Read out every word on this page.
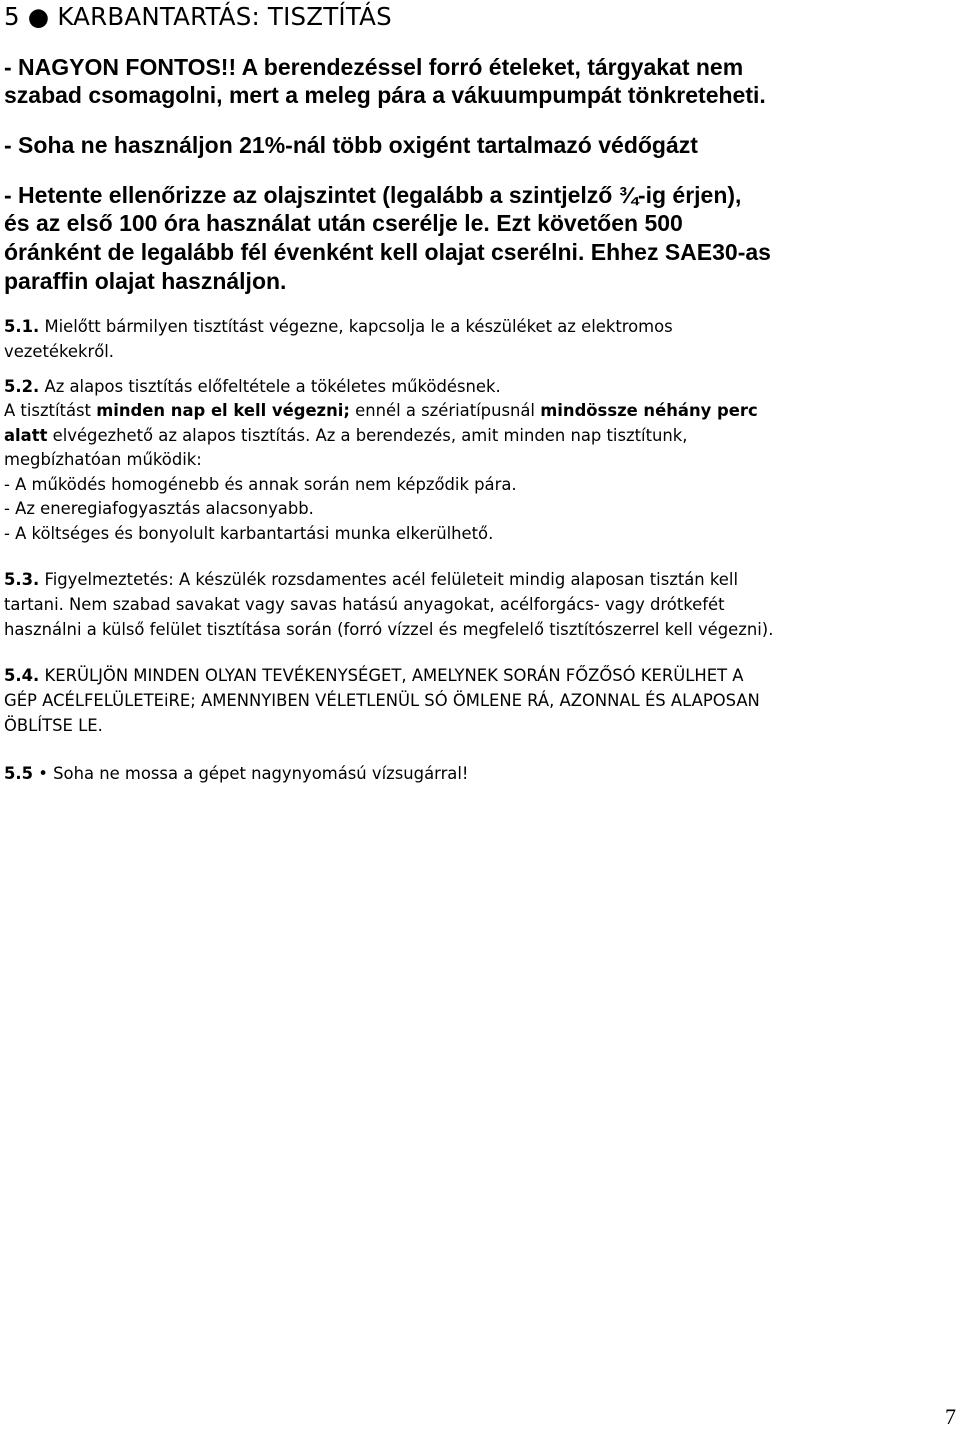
5 ● KARBANTARTÁS: TISZTÍTÁS
- NAGYON FONTOS!! A berendezéssel forró ételeket, tárgyakat nem
szabad csomagolni, mert a meleg pára a vákuumpumpát tönkreteheti.
- Soha ne használjon 21%-nál több oxigént tartalmazó védőgázt
- Hetente ellenőrizze az olajszintet (legalább a szintjelző ¾-ig érjen),
és az első 100 óra használat után cserélje le. Ezt követően 500
óránként de legalább fél évenként kell olajat cserélni. Ehhez SAE30-as
paraffin olajat használjon.
5.1. Mielőtt bármilyen tisztítást végezne, kapcsolja le a készüléket az elektromos
vezetékekről.
5.2. Az alapos tisztítás előfeltétele a tökéletes működésnek.
A tisztítást minden nap el kell végezni; ennél a szériatípusnál mindössze néhány perc
alatt elvégezhető az alapos tisztítás. Az a berendezés, amit minden nap tisztítunk,
megbízhatóan működik:
- A működés homogénebb és annak során nem képződik pára.
- Az eneregiafogyasztás alacsonyabb.
- A költséges és bonyolult karbantartási munka elkerülhető.
5.3. Figyelmeztetés: A készülék rozsdamentes acél felületeit mindig alaposan tisztán kell
tartani. Nem szabad savakat vagy savas hatású anyagokat, acélforgács- vagy drótkefét
használni a külső felület tisztítása során (forró vízzel és megfelelő tisztítószerrel kell végezni).
5.4. KERÜLJÖN MINDEN OLYAN TEVÉKENYSÉGET, AMELYNEK SORÁN FŐZŐSÓ KERÜLHET A
GÉP ACÉLFELÜLETEiRE; AMENNYIBEN VÉLETLENÜL SÓ ÖMLENE RÁ, AZONNAL ÉS ALAPOSAN
ÖBLÍTSE LE.
5.5 • Soha ne mossa a gépet nagynyomású vízsugárral!
7
